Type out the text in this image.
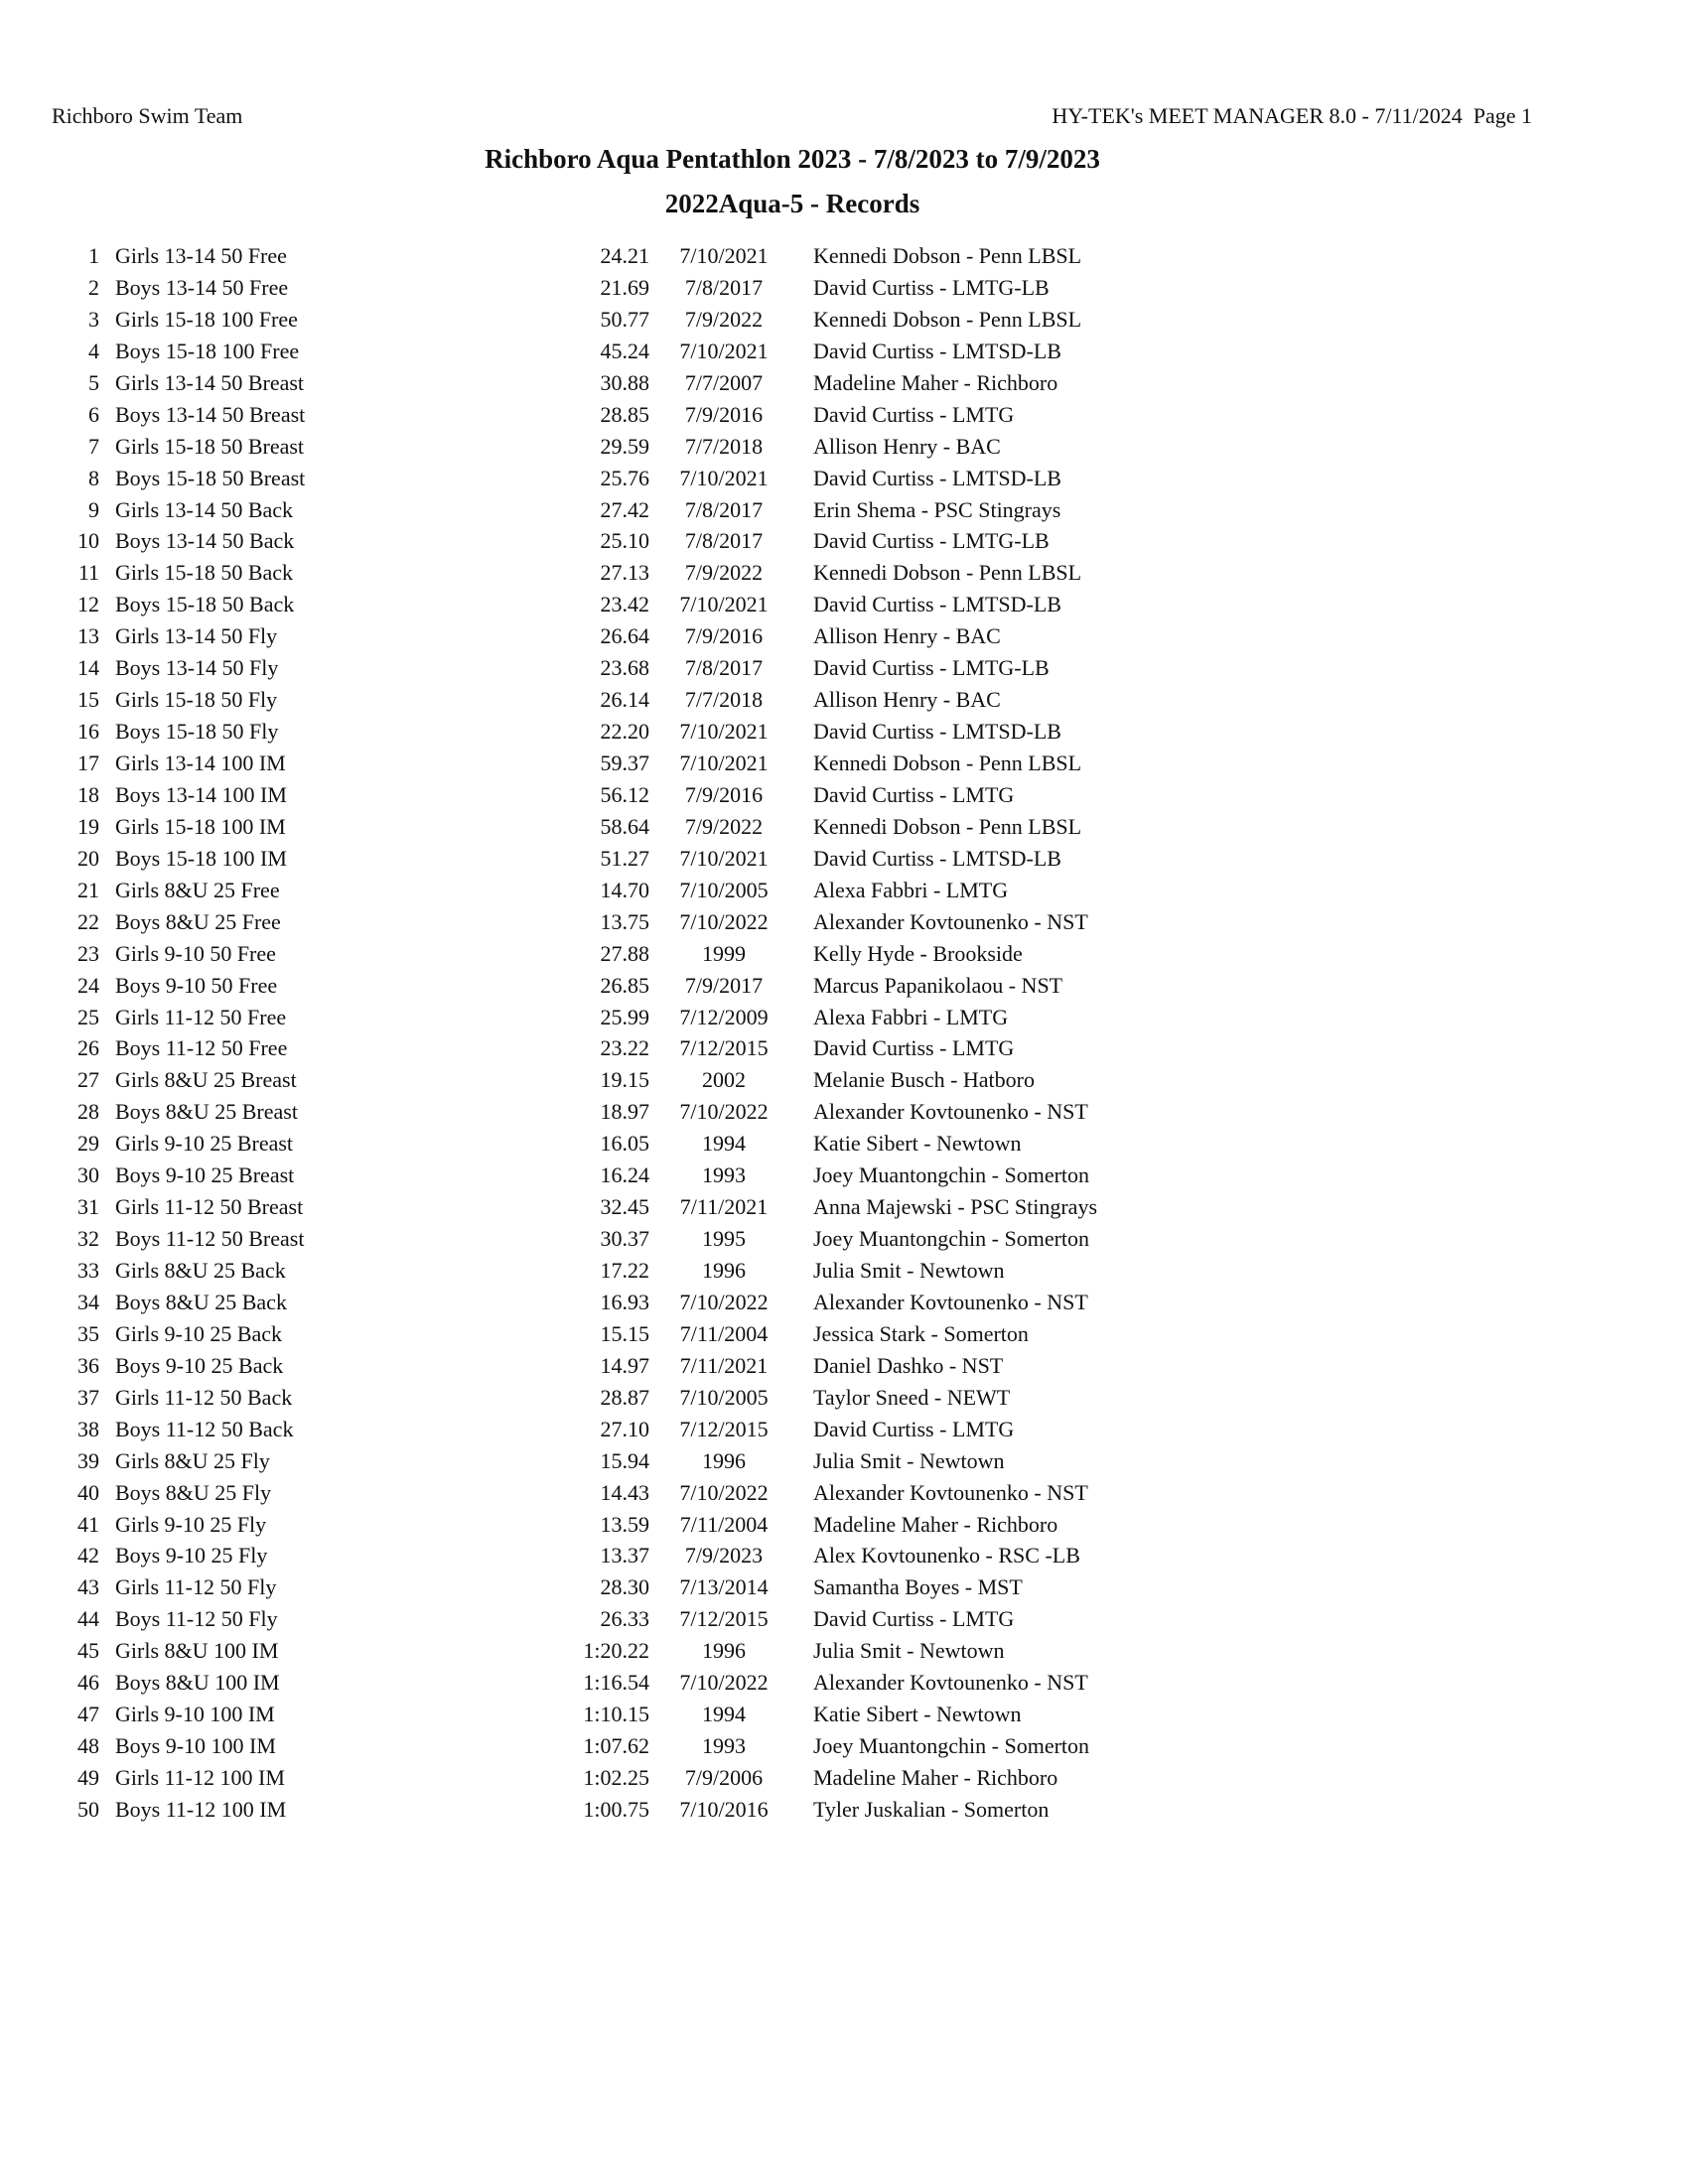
Richboro Swim Team	HY-TEK's MEET MANAGER 8.0 - 7/11/2024  Page 1
Richboro Aqua Pentathlon 2023 - 7/8/2023 to 7/9/2023
2022Aqua-5 - Records
1 Girls 13-14 50 Free	24.21	7/10/2021	Kennedi Dobson - Penn LBSL
2 Boys 13-14 50 Free	21.69	7/8/2017	David Curtiss - LMTG-LB
3 Girls 15-18 100 Free	50.77	7/9/2022	Kennedi Dobson - Penn LBSL
4 Boys 15-18 100 Free	45.24	7/10/2021	David Curtiss - LMTSD-LB
5 Girls 13-14 50 Breast	30.88	7/7/2007	Madeline Maher - Richboro
6 Boys 13-14 50 Breast	28.85	7/9/2016	David Curtiss - LMTG
7 Girls 15-18 50 Breast	29.59	7/7/2018	Allison Henry - BAC
8 Boys 15-18 50 Breast	25.76	7/10/2021	David Curtiss - LMTSD-LB
9 Girls 13-14 50 Back	27.42	7/8/2017	Erin Shema - PSC Stingrays
10 Boys 13-14 50 Back	25.10	7/8/2017	David Curtiss - LMTG-LB
11 Girls 15-18 50 Back	27.13	7/9/2022	Kennedi Dobson - Penn LBSL
12 Boys 15-18 50 Back	23.42	7/10/2021	David Curtiss - LMTSD-LB
13 Girls 13-14 50 Fly	26.64	7/9/2016	Allison Henry - BAC
14 Boys 13-14 50 Fly	23.68	7/8/2017	David Curtiss - LMTG-LB
15 Girls 15-18 50 Fly	26.14	7/7/2018	Allison Henry - BAC
16 Boys 15-18 50 Fly	22.20	7/10/2021	David Curtiss - LMTSD-LB
17 Girls 13-14 100 IM	59.37	7/10/2021	Kennedi Dobson - Penn LBSL
18 Boys 13-14 100 IM	56.12	7/9/2016	David Curtiss - LMTG
19 Girls 15-18 100 IM	58.64	7/9/2022	Kennedi Dobson - Penn LBSL
20 Boys 15-18 100 IM	51.27	7/10/2021	David Curtiss - LMTSD-LB
21 Girls 8&U 25 Free	14.70	7/10/2005	Alexa Fabbri - LMTG
22 Boys 8&U 25 Free	13.75	7/10/2022	Alexander Kovtounenko - NST
23 Girls 9-10 50 Free	27.88	1999	Kelly Hyde - Brookside
24 Boys 9-10 50 Free	26.85	7/9/2017	Marcus Papanikolaou - NST
25 Girls 11-12 50 Free	25.99	7/12/2009	Alexa Fabbri - LMTG
26 Boys 11-12 50 Free	23.22	7/12/2015	David Curtiss - LMTG
27 Girls 8&U 25 Breast	19.15	2002	Melanie Busch - Hatboro
28 Boys 8&U 25 Breast	18.97	7/10/2022	Alexander Kovtounenko - NST
29 Girls 9-10 25 Breast	16.05	1994	Katie Sibert - Newtown
30 Boys 9-10 25 Breast	16.24	1993	Joey Muantongchin - Somerton
31 Girls 11-12 50 Breast	32.45	7/11/2021	Anna Majewski - PSC Stingrays
32 Boys 11-12 50 Breast	30.37	1995	Joey Muantongchin - Somerton
33 Girls 8&U 25 Back	17.22	1996	Julia Smit - Newtown
34 Boys 8&U 25 Back	16.93	7/10/2022	Alexander Kovtounenko - NST
35 Girls 9-10 25 Back	15.15	7/11/2004	Jessica Stark - Somerton
36 Boys 9-10 25 Back	14.97	7/11/2021	Daniel Dashko - NST
37 Girls 11-12 50 Back	28.87	7/10/2005	Taylor Sneed - NEWT
38 Boys 11-12 50 Back	27.10	7/12/2015	David Curtiss - LMTG
39 Girls 8&U 25 Fly	15.94	1996	Julia Smit - Newtown
40 Boys 8&U 25 Fly	14.43	7/10/2022	Alexander Kovtounenko - NST
41 Girls 9-10 25 Fly	13.59	7/11/2004	Madeline Maher - Richboro
42 Boys 9-10 25 Fly	13.37	7/9/2023	Alex Kovtounenko - RSC -LB
43 Girls 11-12 50 Fly	28.30	7/13/2014	Samantha Boyes - MST
44 Boys 11-12 50 Fly	26.33	7/12/2015	David Curtiss - LMTG
45 Girls 8&U 100 IM	1:20.22	1996	Julia Smit - Newtown
46 Boys 8&U 100 IM	1:16.54	7/10/2022	Alexander Kovtounenko - NST
47 Girls 9-10 100 IM	1:10.15	1994	Katie Sibert - Newtown
48 Boys 9-10 100 IM	1:07.62	1993	Joey Muantongchin - Somerton
49 Girls 11-12 100 IM	1:02.25	7/9/2006	Madeline Maher - Richboro
50 Boys 11-12 100 IM	1:00.75	7/10/2016	Tyler Juskalian - Somerton
